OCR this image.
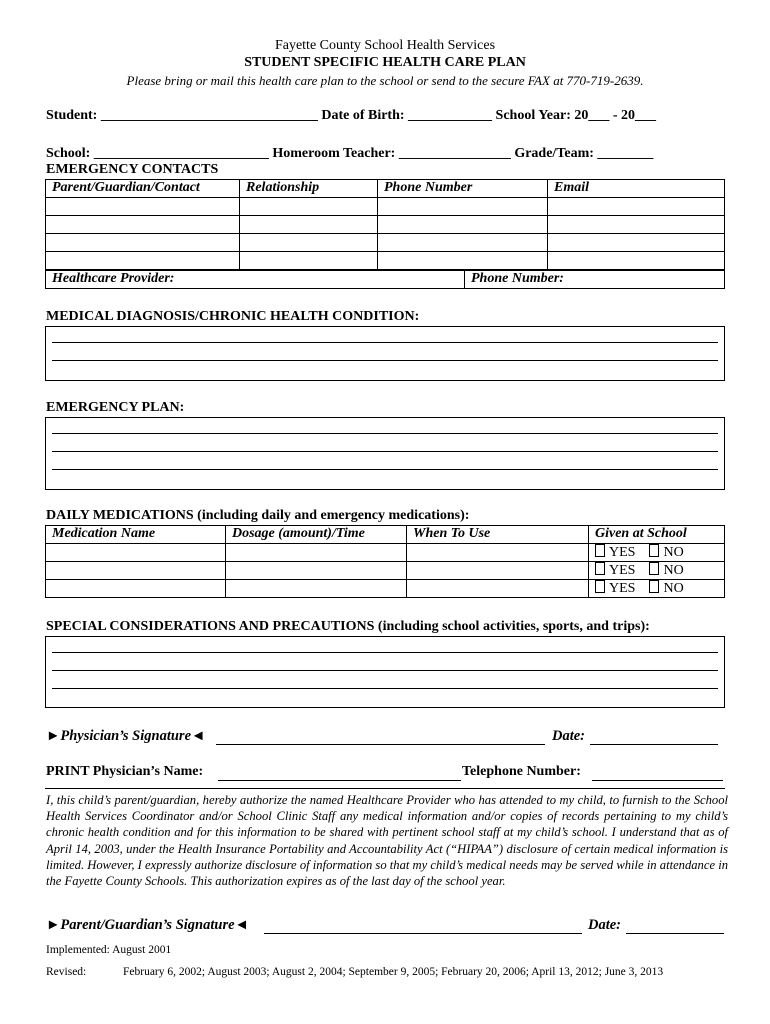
Fayette County School Health Services
STUDENT SPECIFIC HEALTH CARE PLAN
Please bring or mail this health care plan to the school or send to the secure FAX at 770-719-2639.
Student: _______________________________ Date of Birth: ____________ School Year: 20___ - 20___
School: _________________________ Homeroom Teacher: ________________ Grade/Team: ________
EMERGENCY CONTACTS
Parent/Guardian/Contact	Relationship	Phone Number	Email

Healthcare Provider:	Phone Number:
MEDICAL DIAGNOSIS/CHRONIC HEALTH CONDITION:
EMERGENCY PLAN:
DAILY MEDICATIONS (including daily and emergency medications):
Medication Name	Dosage (amount)/Time	When To Use	Given at School
			YES NO
			YES NO
			YES NO
SPECIAL CONSIDERATIONS AND PRECAUTIONS (including school activities, sports, and trips):
►Physician’s Signature◄	Date:
PRINT Physician’s Name:	Telephone Number:
I, this child’s parent/guardian, hereby authorize the named Healthcare Provider who has attended to my child, to furnish to the School Health Services Coordinator and/or School Clinic Staff any medical information and/or copies of records pertaining to my child’s chronic health condition and for this information to be shared with pertinent school staff at my child’s school. I understand that as of April 14, 2003, under the Health Insurance Portability and Accountability Act (“HIPAA”) disclosure of certain medical information is limited. However, I expressly authorize disclosure of information so that my child’s medical needs may be served while in attendance in the Fayette County Schools. This authorization expires as of the last day of the school year.
►Parent/Guardian’s Signature◄	Date:
Implemented: August 2001
Revised:	February 6, 2002; August 2003; August 2, 2004; September 9, 2005; February 20, 2006; April 13, 2012; June 3, 2013
